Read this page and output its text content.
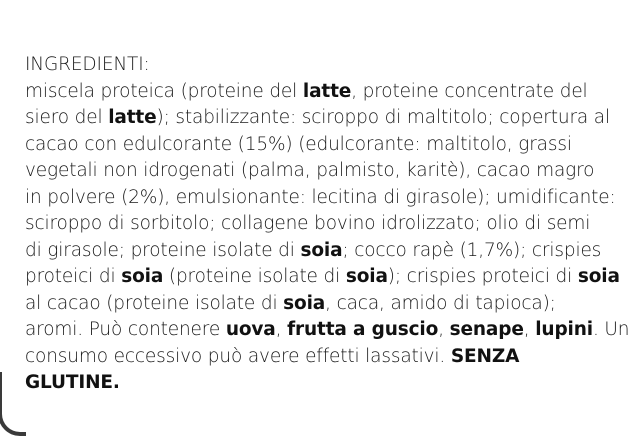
INGREDIENTI:
miscela proteica (proteine del latte, proteine concentrate del
siero del latte); stabilizzante: sciroppo di maltitolo; copertura al
cacao con edulcorante (15%) (edulcorante: maltitolo, grassi
vegetali non idrogenati (palma, palmisto, karitè), cacao magro
in polvere (2%), emulsionante: lecitina di girasole); umidificante:
sciroppo di sorbitolo; collagene bovino idrolizzato; olio di semi
di girasole; proteine isolate di soia; cocco rapè (1,7%); crispies
proteici di soia (proteine isolate di soia); crispies proteici di soia
al cacao (proteine isolate di soia, caca, amido di tapioca);
aromi. Può contenere uova, frutta a guscio, senape, lupini. Un
consumo eccessivo può avere effetti lassativi. SENZA
GLUTINE.
